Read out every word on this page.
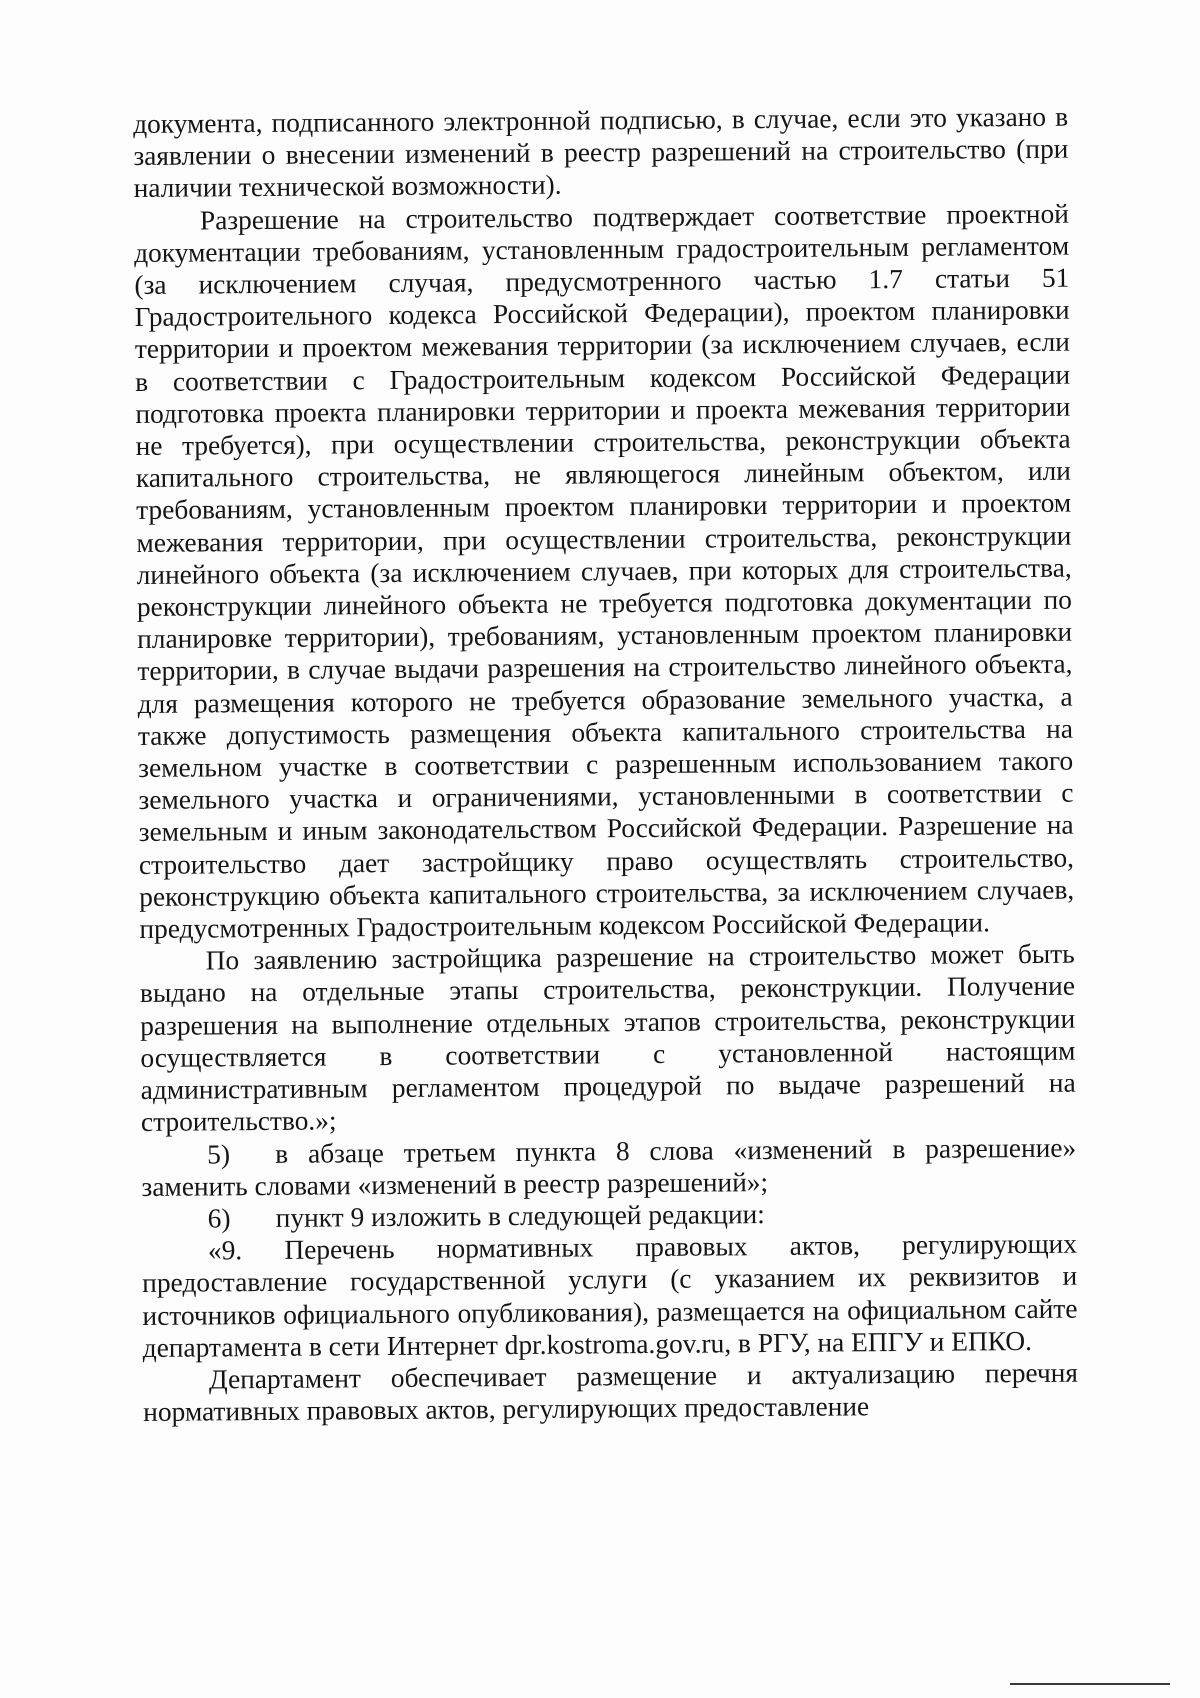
документа, подписанного электронной подписью, в случае, если это указано в заявлении о внесении изменений в реестр разрешений на строительство (при наличии технической возможности).

Разрешение на строительство подтверждает соответствие проектной документации требованиям, установленным градостроительным регламентом (за исключением случая, предусмотренного частью 1.7 статьи 51 Градостроительного кодекса Российской Федерации), проектом планировки территории и проектом межевания территории (за исключением случаев, если в соответствии с Градостроительным кодексом Российской Федерации подготовка проекта планировки территории и проекта межевания территории не требуется), при осуществлении строительства, реконструкции объекта капитального строительства, не являющегося линейным объектом, или требованиям, установленным проектом планировки территории и проектом межевания территории, при осуществлении строительства, реконструкции линейного объекта (за исключением случаев, при которых для строительства, реконструкции линейного объекта не требуется подготовка документации по планировке территории), требованиям, установленным проектом планировки территории, в случае выдачи разрешения на строительство линейного объекта, для размещения которого не требуется образование земельного участка, а также допустимость размещения объекта капитального строительства на земельном участке в соответствии с разрешенным использованием такого земельного участка и ограничениями, установленными в соответствии с земельным и иным законодательством Российской Федерации. Разрешение на строительство дает застройщику право осуществлять строительство, реконструкцию объекта капитального строительства, за исключением случаев, предусмотренных Градостроительным кодексом Российской Федерации.

По заявлению застройщика разрешение на строительство может быть выдано на отдельные этапы строительства, реконструкции. Получение разрешения на выполнение отдельных этапов строительства, реконструкции осуществляется в соответствии с установленной настоящим административным регламентом процедурой по выдаче разрешений на строительство.»;

5) в абзаце третьем пункта 8 слова «изменений в разрешение» заменить словами «изменений в реестр разрешений»;

6) пункт 9 изложить в следующей редакции:

«9. Перечень нормативных правовых актов, регулирующих предоставление государственной услуги (с указанием их реквизитов и источников официального опубликования), размещается на официальном сайте департамента в сети Интернет dpr.kostroma.gov.ru, в РГУ, на ЕПГУ и ЕПКО.

Департамент обеспечивает размещение и актуализацию перечня нормативных правовых актов, регулирующих предоставление
